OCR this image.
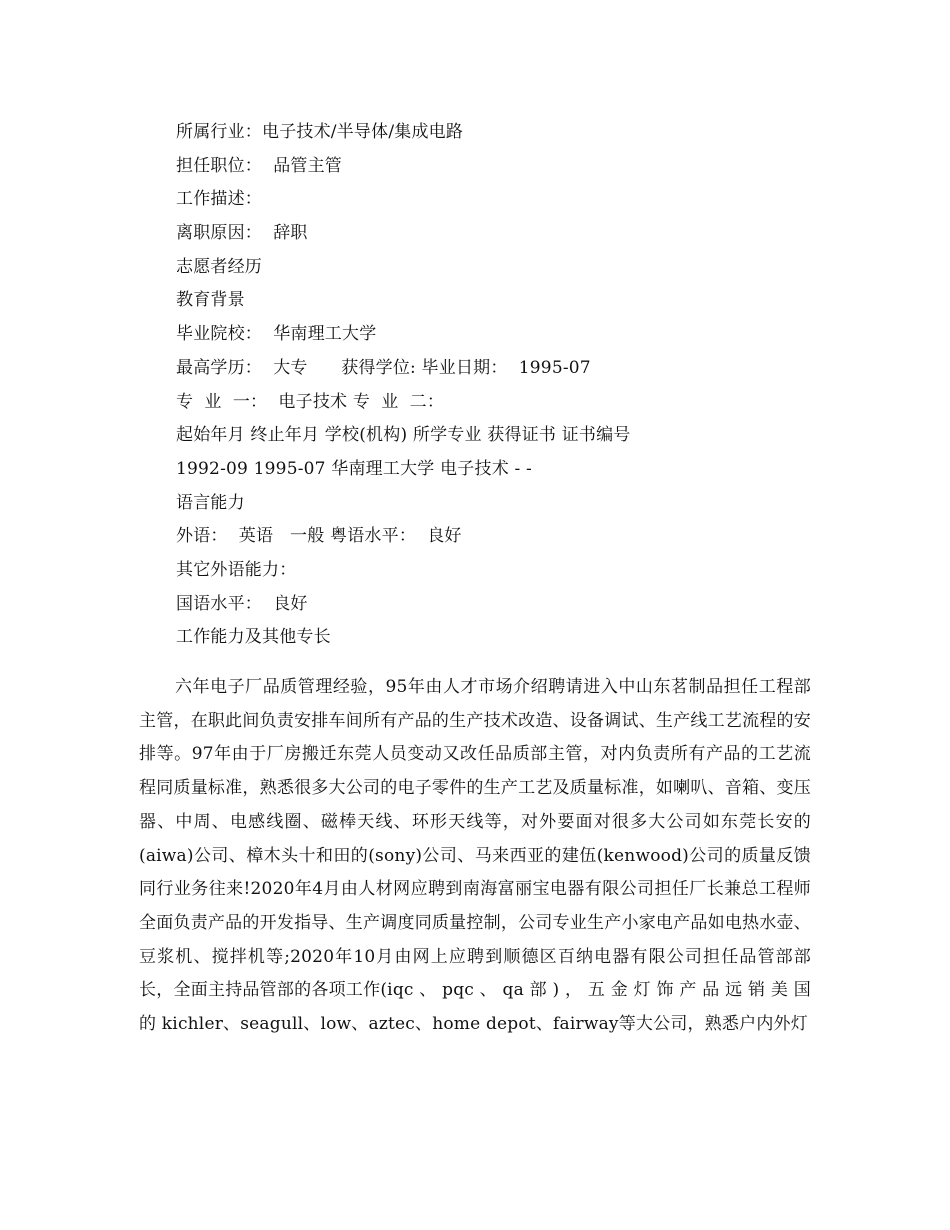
所属行业：电子技术/半导体/集成电路
担任职位：  品管主管
工作描述：
离职原因：  辞职
志愿者经历
教育背景
毕业院校：  华南理工大学
最高学历：  大专      获得学位: 毕业日期：  1995-07
专  业  一：  电子技术 专  业  二：
起始年月 终止年月 学校(机构) 所学专业 获得证书 证书编号
1992-09 1995-07 华南理工大学 电子技术 - -
语言能力
外语：  英语   一般 粤语水平：  良好
其它外语能力：
国语水平：  良好
工作能力及其他专长

六年电子厂品质管理经验，95年由人才市场介绍聘请进入中山东茗制品担任工程部主管，在职此间负责安排车间所有产品的生产技术改造、设备调试、生产线工艺流程的安排等。97年由于厂房搬迁东莞人员变动又改任品质部主管，对内负责所有产品的工艺流程同质量标准，熟悉很多大公司的电子零件的生产工艺及质量标准，如喇叭、音箱、变压器、中周、电感线圈、磁棒天线、环形天线等，对外要面对很多大公司如东莞长安的(aiwa)公司、樟木头十和田的(sony)公司、马来西亚的建伍(kenwood)公司的质量反馈同行业务往来!2020年4月由人材网应聘到南海富丽宝电器有限公司担任厂长兼总工程师全面负责产品的开发指导、生产调度同质量控制，公司专业生产小家电产品如电热水壶、豆浆机、搅拌机等;2020年10月由网上应聘到顺德区百纳电器有限公司担任品管部部长，全面主持品管部的各项工作(iqc 、 pqc 、 qa 部 ) ， 五 金 灯 饰 产 品 远 销 美 国 的 kichler、seagull、low、aztec、home depot、fairway等大公司，熟悉户内外灯
